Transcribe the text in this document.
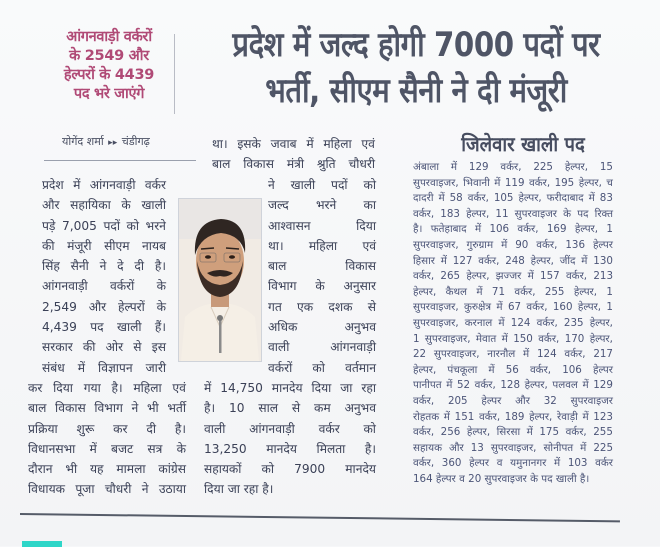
आंगनवाड़ी वर्करों
के 2549 और
हेल्परों के 4439
पद भरे जाएंगे
प्रदेश में जल्द होगी 7000 पदों पर
भर्ती, सीएम सैनी ने दी मंजूरी
योगेंद शर्मा ▸▸ चंडीगढ़
प्रदेश में आंगनवाड़ी वर्कर
और सहायिका के खाली
पड़े 7,005 पदों को भरने
की मंजूरी सीएम नायब
सिंह सैनी ने दे दी है।
आंगनवाड़ी वर्करों के
2,549 और हेल्परों के
4,439 पद खाली हैं।
सरकार की ओर से इस
संबंध में विज्ञापन जारी
कर दिया गया है। महिला एवं
बाल विकास विभाग ने भी भर्ती
प्रक्रिया शुरू कर दी है।
विधानसभा में बजट सत्र के
दौरान भी यह मामला कांग्रेस
विधायक पूजा चौधरी ने उठाया
था। इसके जवाब में महिला एवं
बाल विकास मंत्री श्रुति चौधरी
ने खाली पदों को
जल्द भरने का
आश्वासन	दिया
था। महिला एवं
बाल	विकास
विभाग के अनुसार
गत एक दशक से
अधिक	अनुभव
वाली	आंगनवाड़ी
वर्करों को वर्तमान
में 14,750 मानदेय दिया जा रहा
है। 10 साल से कम अनुभव
वाली आंगनवाड़ी वर्कर को
13,250 मानदेय मिलता है।
सहायकों को 7900 मानदेय
दिया जा रहा है।
जिलेवार खाली पद
अंबाला में 129 वर्कर, 225 हेल्पर, 15
सुपरवाइजर, भिवानी में 119 वर्कर, 195 हेल्पर, च
दादरी में 58 वर्कर, 105 हेल्पर, फरीदाबाद में 83
वर्कर, 183 हेल्पर, 11 सुपरवाइजर के पद रिक्त
है। फतेहाबाद में 106 वर्कर, 169 हेल्पर, 1
सुपरवाइजर, गुरुग्राम में 90 वर्कर, 136 हेल्पर
हिसार में 127 वर्कर, 248 हेल्पर, जींद में 130
वर्कर, 265 हेल्पर, झज्जर में 157 वर्कर, 213
हेल्पर, कैथल में 71 वर्कर, 255 हेल्पर, 1
सुपरवाइजर, कुरुक्षेत्र में 67 वर्कर, 160 हेल्पर, 1
सुपरवाइजर, करनाल में 124 वर्कर, 235 हेल्पर,
1 सुपरवाइजर, मेवात में 150 वर्कर, 170 हेल्पर,
22 सुपरवाइजर, नारनौल में 124 वर्कर, 217
हेल्पर, पंचकूला में 56 वर्कर, 106 हेल्पर
पानीपत में 52 वर्कर, 128 हेल्पर, पलवल में 129
वर्कर, 205 हेल्पर और 32 सुपरवाइजर
रोहतक में 151 वर्कर, 189 हेल्पर, रेवाड़ी में 123
वर्कर, 256 हेल्पर, सिरसा में 175 वर्कर, 255
सहायक और 13 सुपरवाइजर, सोनीपत में 225
वर्कर, 360 हेल्पर व यमुनानगर में 103 वर्कर
164 हेल्पर व 20 सुपरवाइजर के पद खाली है।
